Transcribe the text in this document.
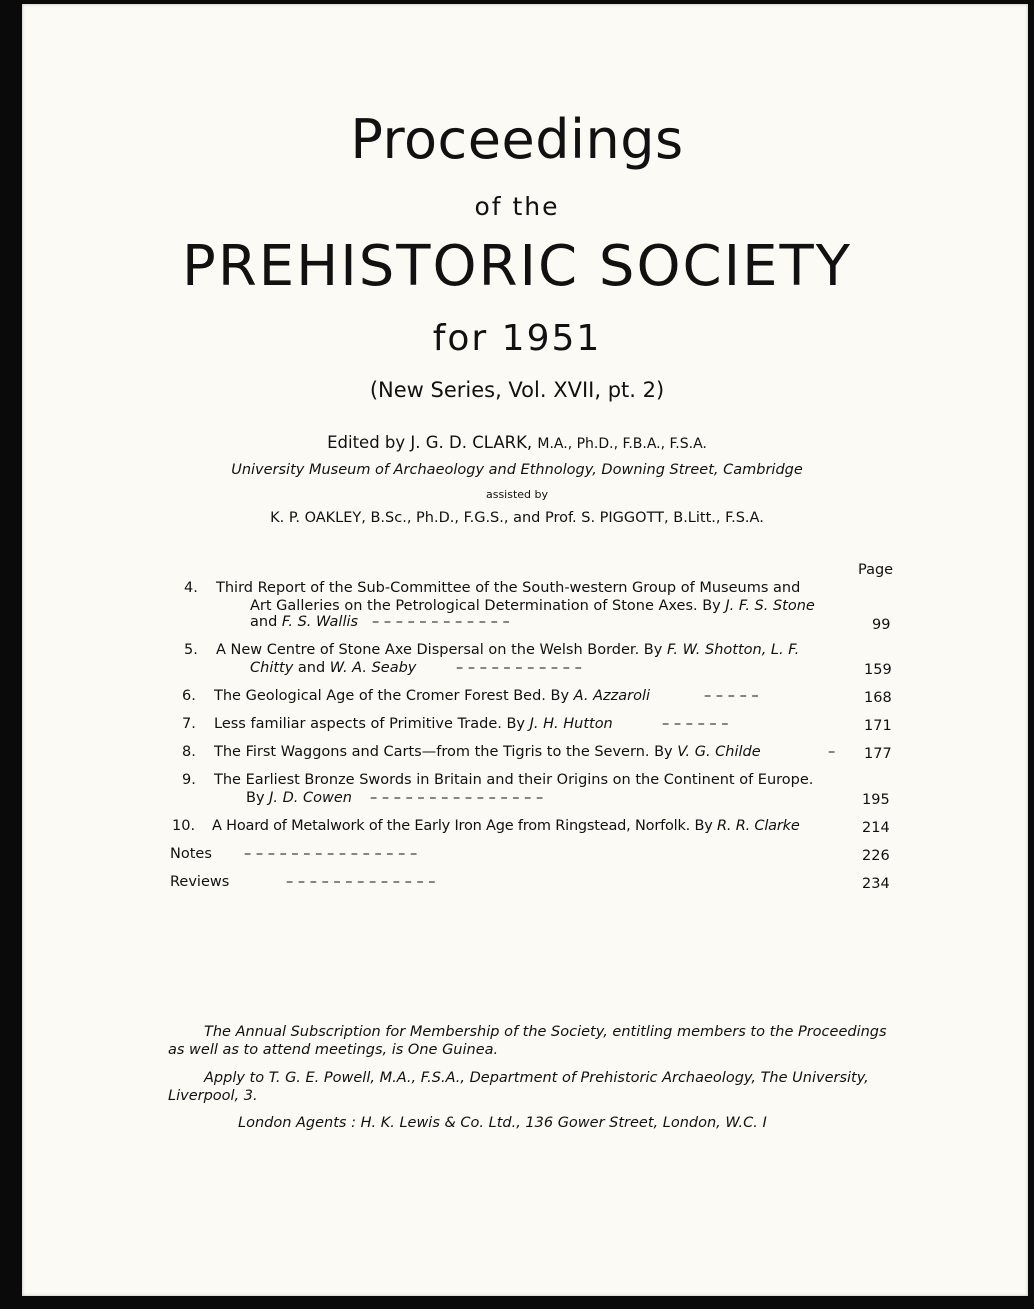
Proceedings
of the
PREHISTORIC SOCIETY
for 1951
(New Series, Vol. XVII, pt. 2)
Edited by J. G. D. CLARK, M.A., Ph.D., F.B.A., F.S.A.
University Museum of Archaeology and Ethnology, Downing Street, Cambridge
assisted by
K. P. OAKLEY, B.Sc., Ph.D., F.G.S., and Prof. S. PIGGOTT, B.Litt., F.S.A.
Page
4. Third Report of the Sub-Committee of the South-western Group of Museums and
Art Galleries on the Petrological Determination of Stone Axes. By J. F. S. Stone
and F. S. Wallis – – – – – – – – – – – –	99
5. A New Centre of Stone Axe Dispersal on the Welsh Border. By F. W. Shotton, L. F.
Chitty and W. A. Seaby	– – – – – – – – – – –	159
6. The Geological Age of the Cromer Forest Bed. By A. Azzaroli	– – – – –	168
7. Less familiar aspects of Primitive Trade. By J. H. Hutton	– – – – – –	171
8. The First Waggons and Carts—from the Tigris to the Severn. By V. G. Childe	– 177
9. The Earliest Bronze Swords in Britain and their Origins on the Continent of Europe.
By J. D. Cowen – – – – – – – – – – – – – – –	195
10. A Hoard of Metalwork of the Early Iron Age from Ringstead, Norfolk. By R. R. Clarke	214
Notes – – – – – – – – – – – – – – –	226
Reviews	– – – – – – – – – – – – –	234
The Annual Subscription for Membership of the Society, entitling members to the Proceedings
as well as to attend meetings, is One Guinea.
Apply to T. G. E. Powell, M.A., F.S.A., Department of Prehistoric Archaeology, The University,
Liverpool, 3.
London Agents : H. K. Lewis & Co. Ltd., 136 Gower Street, London, W.C. I
